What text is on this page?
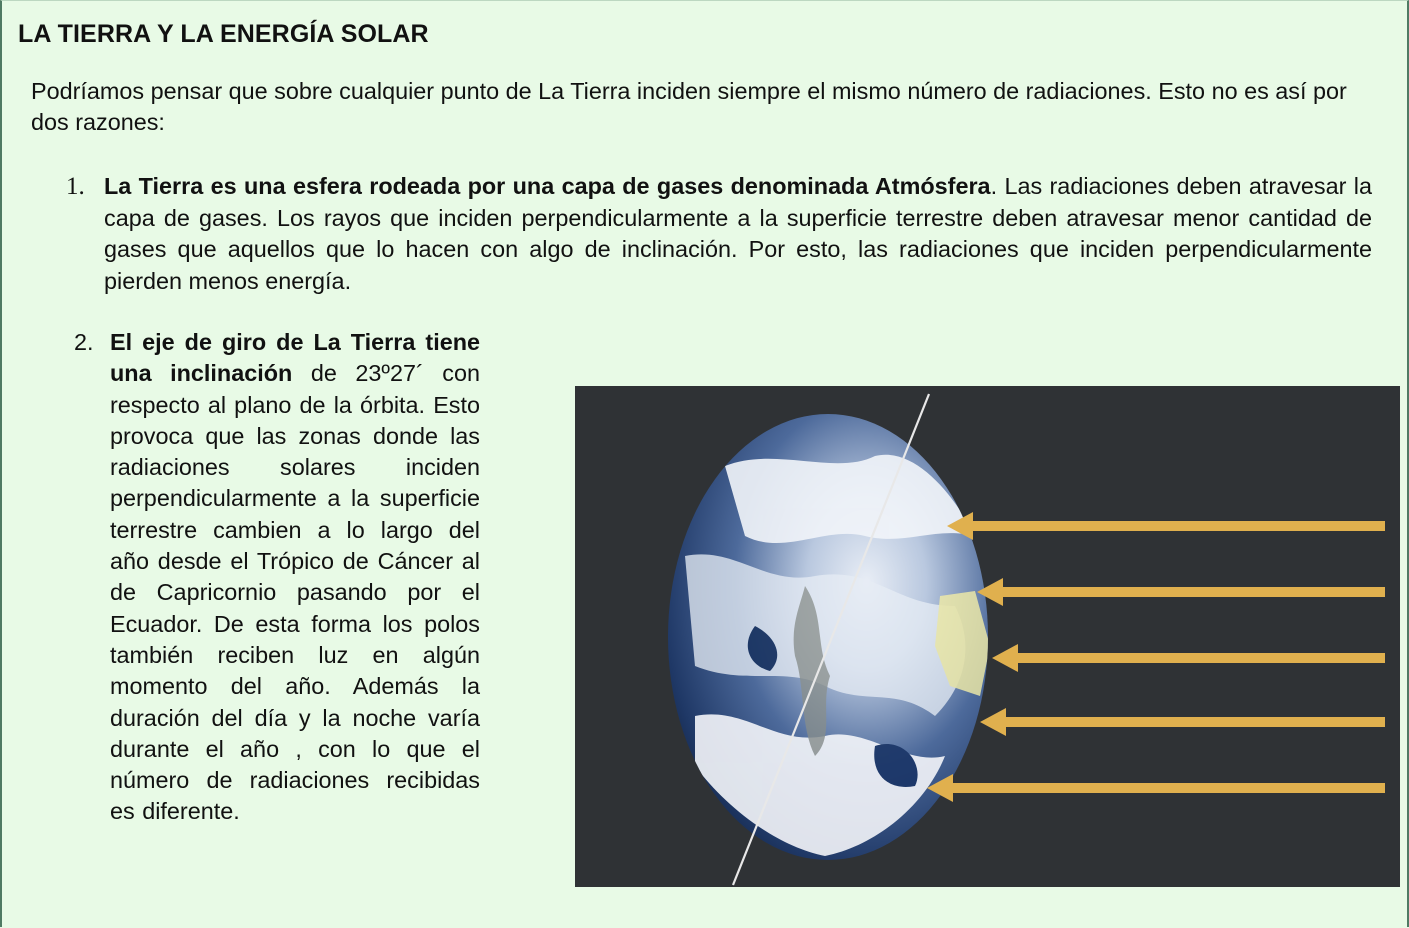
LA TIERRA Y LA ENERGÍA SOLAR

Podríamos pensar que sobre cualquier punto de La Tierra inciden siempre el mismo número de radiaciones. Esto no es así por dos razones:

1. La Tierra es una esfera rodeada por una capa de gases denominada Atmósfera. Las radiaciones deben atravesar la capa de gases. Los rayos que inciden perpendicularmente a la superficie terrestre deben atravesar menor cantidad de gases que aquellos que lo hacen con algo de inclinación. Por esto, las radiaciones que inciden perpendicularmente pierden menos energía.
2. El eje de giro de La Tierra tiene una inclinación de 23º27´ con respecto al plano de la órbita. Esto provoca que las zonas donde las radiaciones solares inciden perpendicularmente a la superficie terrestre cambien a lo largo del año desde el Trópico de Cáncer al de Capricornio pasando por el Ecuador. De esta forma los polos también reciben luz en algún momento del año. Además la duración del día y la noche varía durante el año , con lo que el número de radiaciones recibidas es diferente.
